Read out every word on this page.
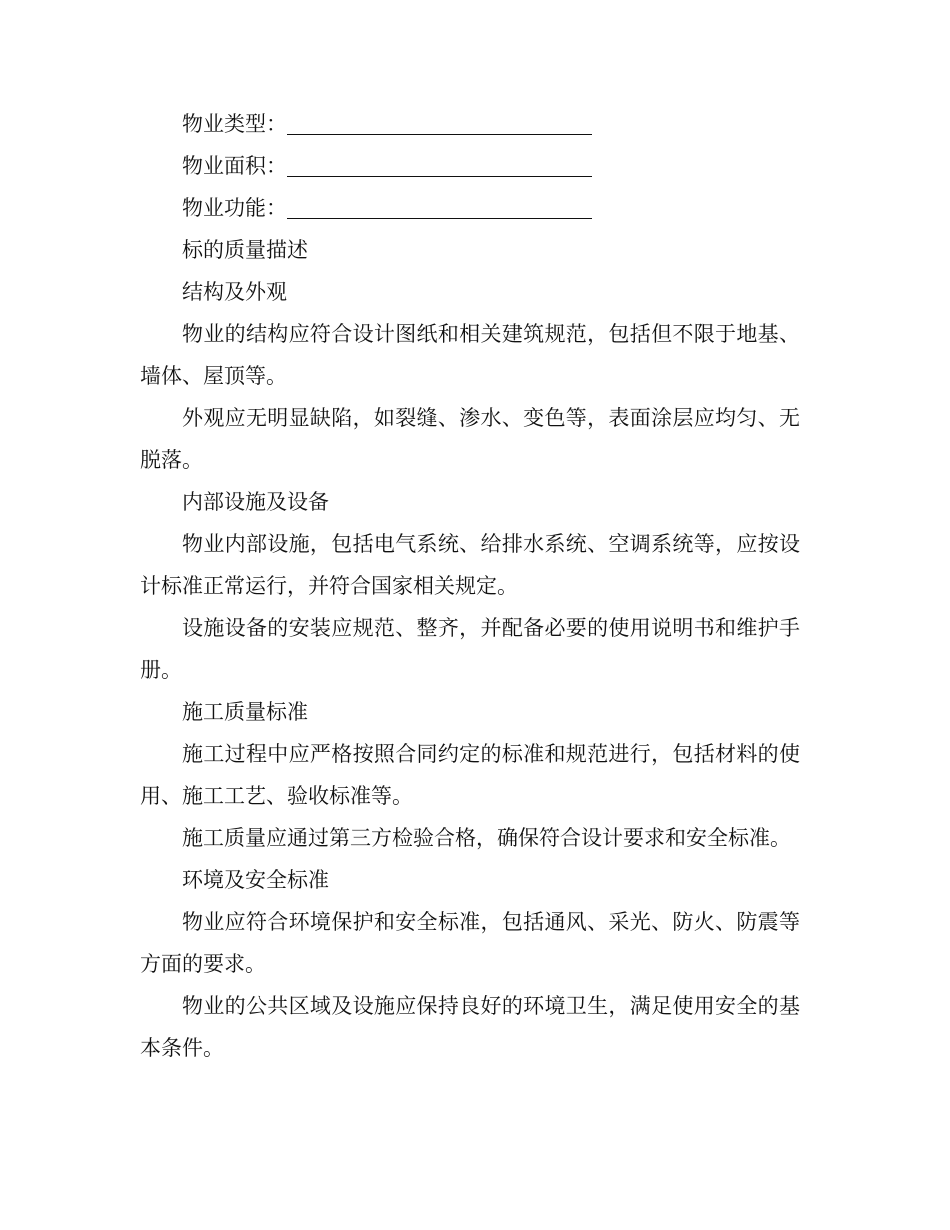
物业类型：

物业面积：

物业功能：

标的质量描述

结构及外观

物业的结构应符合设计图纸和相关建筑规范，包括但不限于地基、墙体、屋顶等。

外观应无明显缺陷，如裂缝、渗水、变色等，表面涂层应均匀、无脱落。

内部设施及设备

物业内部设施，包括电气系统、给排水系统、空调系统等，应按设计标准正常运行，并符合国家相关规定。

设施设备的安装应规范、整齐，并配备必要的使用说明书和维护手册。

施工质量标准

施工过程中应严格按照合同约定的标准和规范进行，包括材料的使用、施工工艺、验收标准等。

施工质量应通过第三方检验合格，确保符合设计要求和安全标准。

环境及安全标准

物业应符合环境保护和安全标准，包括通风、采光、防火、防震等方面的要求。

物业的公共区域及设施应保持良好的环境卫生，满足使用安全的基本条件。
